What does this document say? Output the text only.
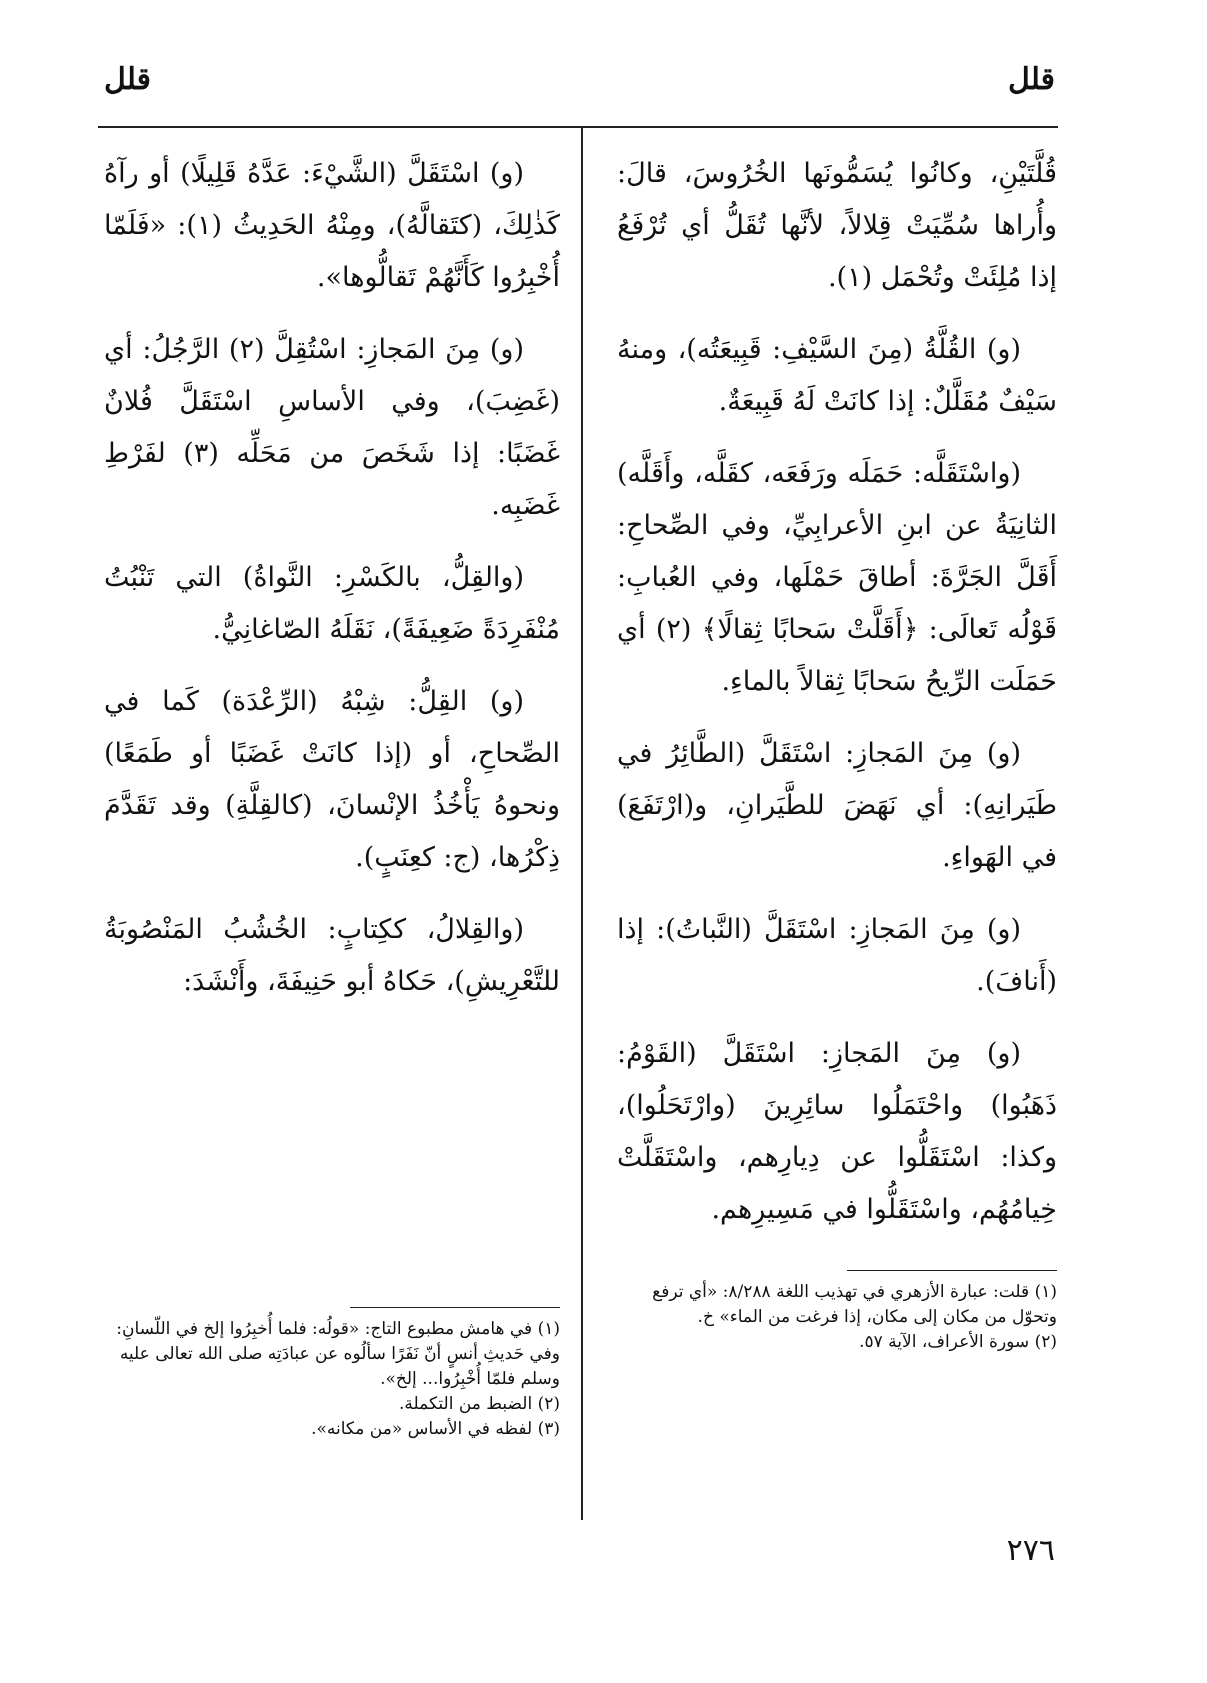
قلل
قلل

قُلَّتَيْنِ، وكانُوا يُسَمُّونَها الخُرُوسَ، قالَ: وأُراها سُمِّيَتْ قِلالاً، لأنَّها تُقَلُّ أي تُرْفَعُ إذا مُلِئَتْ وتُحْمَل (١).

(و) القُلَّةُ (مِنَ السَّيْفِ: قَبِيعَتُه)، ومنهُ سَيْفٌ مُقَلَّلٌ: إذا كانَتْ لَهُ قَبِيعَةٌ.

(واسْتَقَلَّه: حَمَلَه ورَفَعَه، كقَلَّه، وأَقَلَّه) الثانِيَةُ عن ابنِ الأعرابِيِّ، وفي الصِّحاحِ: أَقَلَّ الجَرَّةَ: أطاقَ حَمْلَها، وفي العُبابِ: قَوْلُه تَعالَى: ﴿أَقَلَّتْ سَحابًا ثِقالًا﴾ (٢) أي حَمَلَت الرِّيحُ سَحابًا ثِقالاً بالماءِ.

(و) مِنَ المَجازِ: اسْتَقَلَّ (الطَّائِرُ في طَيَرانِهِ): أي نَهَضَ للطَّيَرانِ، و(ارْتَفَعَ) في الهَواءِ.

(و) مِنَ المَجازِ: اسْتَقَلَّ (النَّباتُ): إذا (أَنافَ).

(و) مِنَ المَجازِ: اسْتَقَلَّ (القَوْمُ: ذَهَبُوا) واحْتَمَلُوا سائِرِينَ (وارْتَحَلُوا)، وكذا: اسْتَقَلُّوا عن دِيارِهم، واسْتَقَلَّتْ خِيامُهُم، واسْتَقَلُّوا في مَسِيرِهم.

(و) اسْتَقَلَّ (الشَّيْءَ: عَدَّهُ قَلِيلًا) أو رآهُ كَذٰلِكَ، (كتَقالَّهُ)، ومِنْهُ الحَدِيثُ (١): «فَلَمّا أُخْبِرُوا كَأَنَّهُمْ تَقالُّوها».

(و) مِنَ المَجازِ: اسْتُقِلَّ (٢) الرَّجُلُ: أي (غَضِبَ)، وفي الأساسِ اسْتَقَلَّ فُلانٌ غَضَبًا: إذا شَخَصَ من مَحَلِّه (٣) لفَرْطِ غَضَبِه.

(والقِلُّ، بالكَسْرِ: النَّواةُ) التي تَنْبُتُ مُنْفَرِدَةً ضَعِيفَةً)، نَقَلَهُ الصّاغانِيُّ.

(و) القِلُّ: شِبْهُ (الرِّعْدَة) كَما في الصِّحاحِ، أو (إذا كانَتْ غَضَبًا أو طَمَعًا) ونحوهُ يَأْخُذُ الإنْسانَ، (كالقِلَّةِ) وقد تَقَدَّمَ ذِكْرُها، (ج: كعِنَبٍ).

(والقِلالُ، ككِتابٍ: الخُشُبُ المَنْصُوبَةُ للتَّعْرِيشِ)، حَكاهُ أبو حَنِيفَةَ، وأَنْشَدَ:

(١) قلت: عبارة الأزهري في تهذيب اللغة ٨/٢٨٨: «أي ترفع وتحوّل من مكان إلى مكان، إذا فرغت من الماء» خ.

(٢) سورة الأعراف، الآية ٥٧.

(١) في هامش مطبوع التاج: «قولُه: فلما أُخبِرُوا إلخ في اللّسانِ: وفي حَديثِ أنسٍ أنّ نَفَرًا سألُوه عن عبادَتِه صلى الله تعالى عليه وسلم فلمّا أُخْبِرُوا... إلخ».

(٢) الضبط من التكملة.

(٣) لفظه في الأساس «من مكانه».

٢٧٦
